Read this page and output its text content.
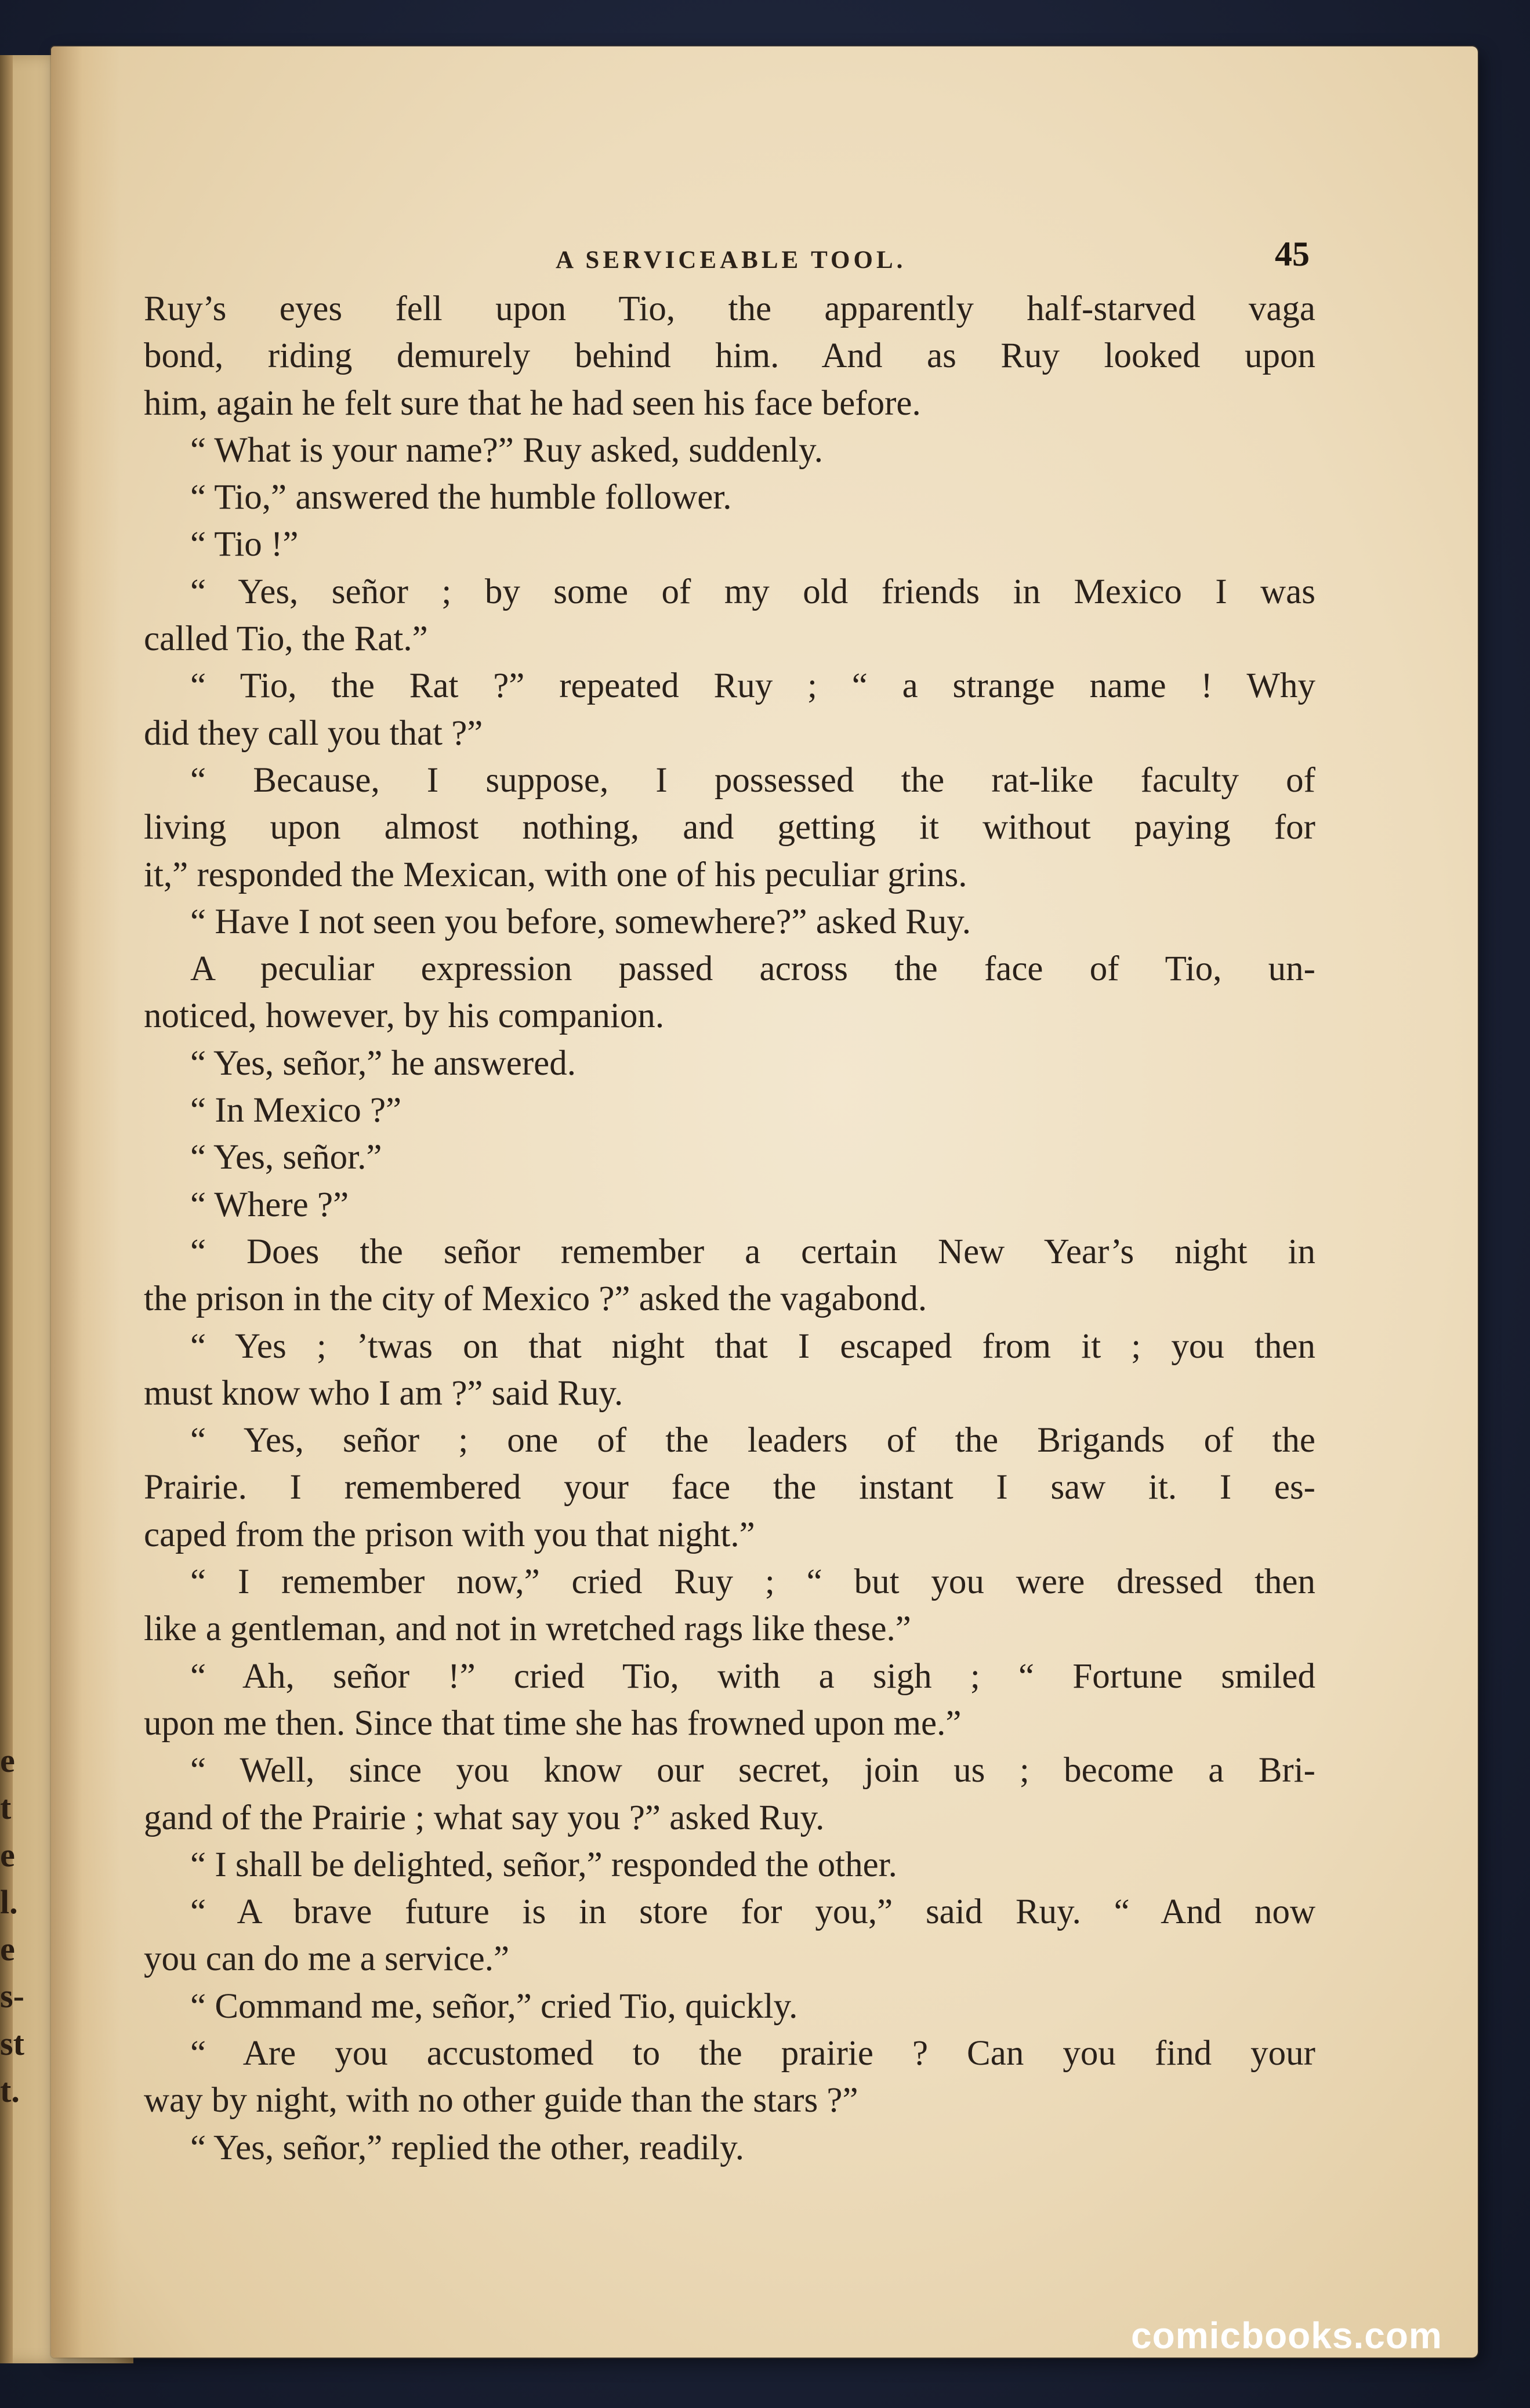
e
t
e
l.
e
s-
st
t.
A SERVICEABLE TOOL.	45
Ruy’s eyes fell upon Tio, the apparently half-starved vaga
bond, riding demurely behind him. And as Ruy looked upon
him, again he felt sure that he had seen his face before.
“ What is your name?” Ruy asked, suddenly.
“ Tio,” answered the humble follower.
“ Tio !”
“ Yes, señor ; by some of my old friends in Mexico I was
called Tio, the Rat.”
“ Tio, the Rat ?” repeated Ruy ; “ a strange name ! Why
did they call you that ?”
“ Because, I suppose, I possessed the rat-like faculty of
living upon almost nothing, and getting it without paying for
it,” responded the Mexican, with one of his peculiar grins.
“ Have I not seen you before, somewhere?” asked Ruy.
A peculiar expression passed across the face of Tio, un-
noticed, however, by his companion.
“ Yes, señor,” he answered.
“ In Mexico ?”
“ Yes, señor.”
“ Where ?”
“ Does the señor remember a certain New Year’s night in
the prison in the city of Mexico ?” asked the vagabond.
“ Yes ; ’twas on that night that I escaped from it ; you then
must know who I am ?” said Ruy.
“ Yes, señor ; one of the leaders of the Brigands of the
Prairie. I remembered your face the instant I saw it. I es-
caped from the prison with you that night.”
“ I remember now,” cried Ruy ; “ but you were dressed then
like a gentleman, and not in wretched rags like these.”
“ Ah, señor !” cried Tio, with a sigh ; “ Fortune smiled
upon me then. Since that time she has frowned upon me.”
“ Well, since you know our secret, join us ; become a Bri-
gand of the Prairie ; what say you ?” asked Ruy.
“ I shall be delighted, señor,” responded the other.
“ A brave future is in store for you,” said Ruy. “ And now
you can do me a service.”
“ Command me, señor,” cried Tio, quickly.
“ Are you accustomed to the prairie ? Can you find your
way by night, with no other guide than the stars ?”
“ Yes, señor,” replied the other, readily.
comicbooks.com
